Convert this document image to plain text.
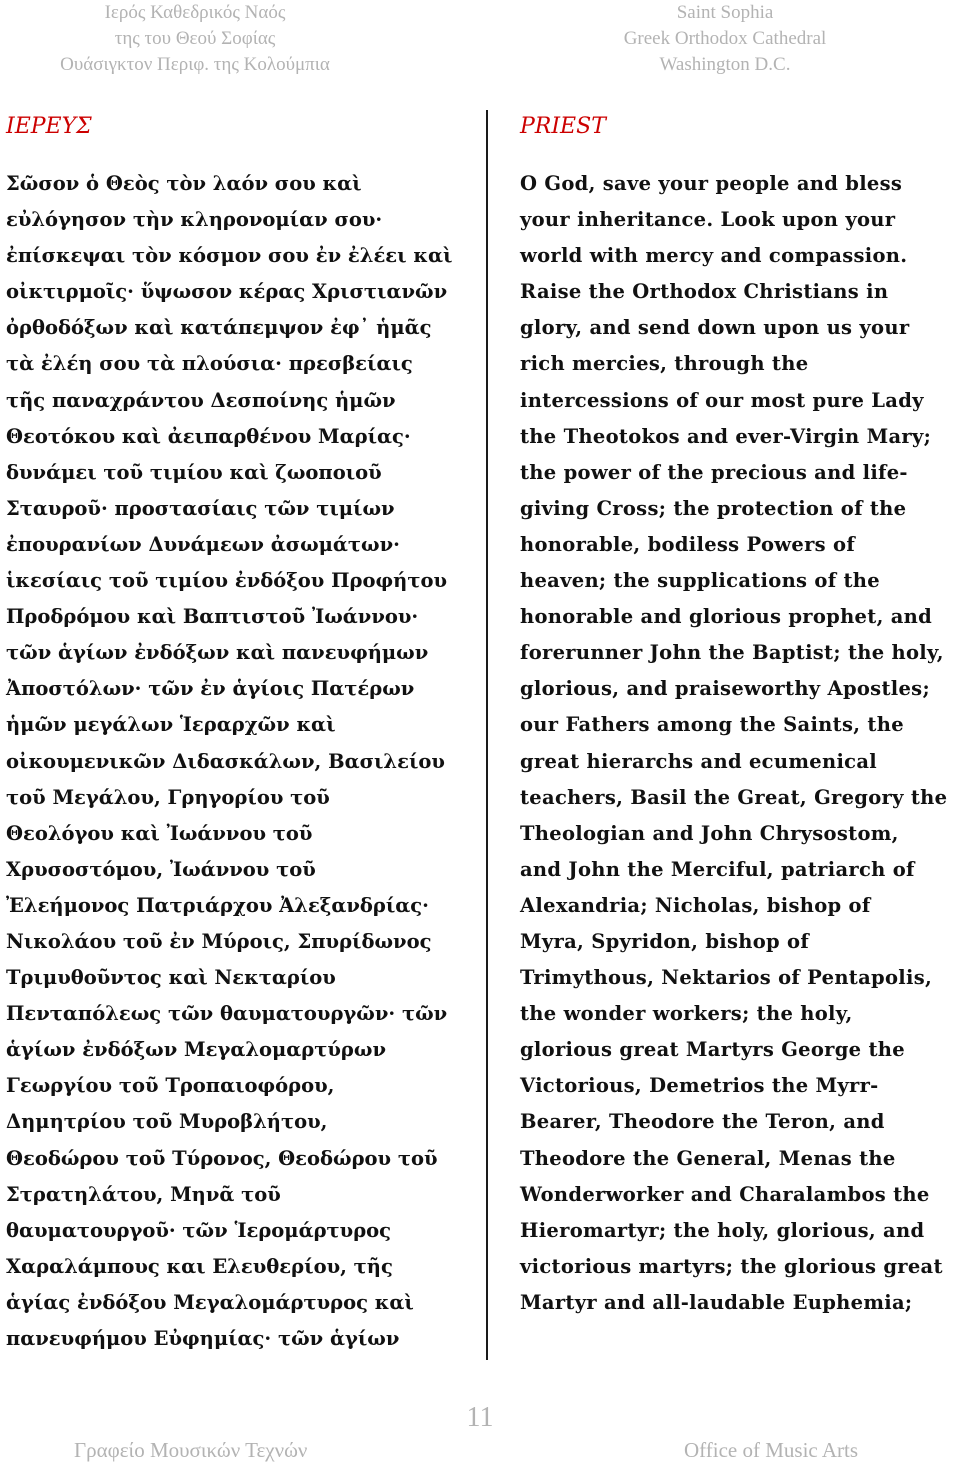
Ιερός Καθεδρικός Ναός
της του Θεού Σοφίας
Ουάσιγκτον Περιφ. της Κολούμπια
Saint Sophia
Greek Orthodox Cathedral
Washington D.C.
ΙΕΡΕΥΣ	PRIEST
Σῶσον ὁ Θεὸς τὸν λαόν σου καὶ
εὐλόγησον τὴν κληρονομίαν σου·
ἐπίσκεψαι τὸν κόσμον σου ἐν ἐλέει καὶ
οἰκτιρμοῖς· ὕψωσον κέρας Χριστιανῶν
ὀρθοδόξων καὶ κατάπεμψον ἐφ᾿ ἡμᾶς
τὰ ἐλέη σου τὰ πλούσια· πρεσβείαις
τῆς παναχράντου Δεσποίνης ἡμῶν
Θεοτόκου καὶ ἀειπαρθένου Μαρίας·
δυνάμει τοῦ τιμίου καὶ ζωοποιοῦ
Σταυροῦ· προστασίαις τῶν τιμίων
ἐπουρανίων Δυνάμεων ἀσωμάτων·
ἱκεσίαις τοῦ τιμίου ἐνδόξου Προφήτου
Προδρόμου καὶ Βαπτιστοῦ Ἰωάννου·
τῶν ἁγίων ἐνδόξων καὶ πανευφήμων
Ἀποστόλων· τῶν ἐν ἁγίοις Πατέρων
ἡμῶν μεγάλων Ἱεραρχῶν καὶ
οἰκουμενικῶν Διδασκάλων, Βασιλείου
τοῦ Μεγάλου, Γρηγορίου τοῦ
Θεολόγου καὶ Ἰωάννου τοῦ
Χρυσοστόμου, Ἰωάννου τοῦ
Ἐλεήμονος Πατριάρχου Ἀλεξανδρίας·
Νικολάου τοῦ ἐν Μύροις, Σπυρίδωνος
Τριμυθοῦντος καὶ Νεκταρίου
Πενταπόλεως τῶν θαυματουργῶν· τῶν
ἁγίων ἐνδόξων Μεγαλομαρτύρων
Γεωργίου τοῦ Τροπαιοφόρου,
Δημητρίου τοῦ Μυροβλήτου,
Θεοδώρου τοῦ Τύρονος, Θεοδώρου τοῦ
Στρατηλάτου, Μηνᾶ τοῦ
θαυματουργοῦ· τῶν Ἱερομάρτυρος
Χαραλάμπους και Ελευθερίου, τῆς
ἁγίας ἐνδόξου Μεγαλομάρτυρος καὶ
πανευφήμου Εὐφημίας· τῶν ἁγίων
O God, save your people and bless
your inheritance. Look upon your
world with mercy and compassion.
Raise the Orthodox Christians in
glory, and send down upon us your
rich mercies, through the
intercessions of our most pure Lady
the Theotokos and ever-Virgin Mary;
the power of the precious and life-
giving Cross; the protection of the
honorable, bodiless Powers of
heaven; the supplications of the
honorable and glorious prophet, and
forerunner John the Baptist; the holy,
glorious, and praiseworthy Apostles;
our Fathers among the Saints, the
great hierarchs and ecumenical
teachers, Basil the Great, Gregory the
Theologian and John Chrysostom,
and John the Merciful, patriarch of
Alexandria; Nicholas, bishop of
Myra, Spyridon, bishop of
Trimythous, Nektarios of Pentapolis,
the wonder workers; the holy,
glorious great Martyrs George the
Victorious, Demetrios the Myrr-
Bearer, Theodore the Teron, and
Theodore the General, Menas the
Wonderworker and Charalambos the
Hieromartyr; the holy, glorious, and
victorious martyrs; the glorious great
Martyr and all-laudable Euphemia;
11
Γραφείο Μουσικών Τεχνών	Office of Music Arts
